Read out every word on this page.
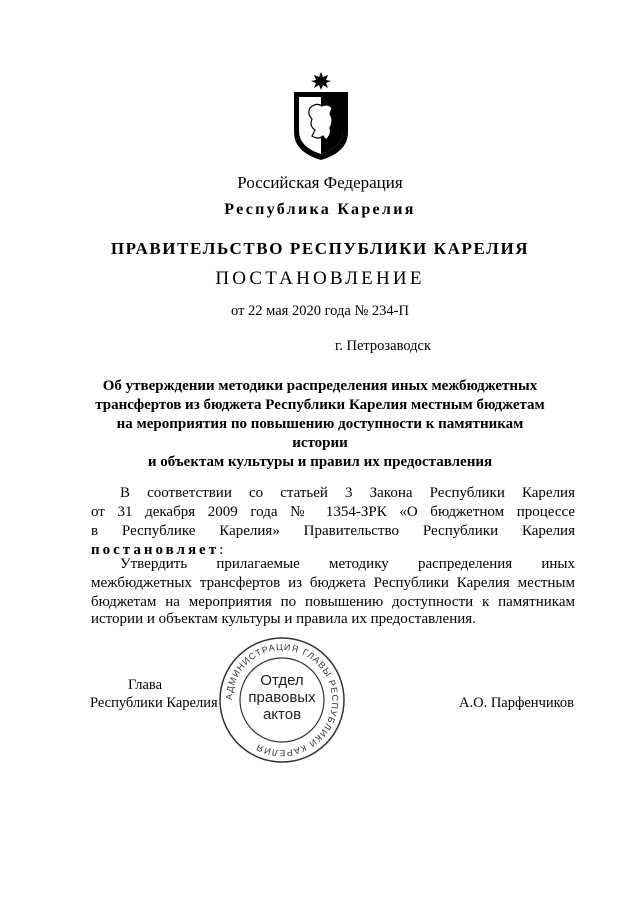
Российская Федерация
Республика Карелия
ПРАВИТЕЛЬСТВО РЕСПУБЛИКИ КАРЕЛИЯ
ПОСТАНОВЛЕНИЕ
от 22 мая 2020 года № 234-П
г. Петрозаводск
Об утверждении методики распределения иных межбюджетных
трансфертов из бюджета Республики Карелия местным бюджетам
на мероприятия по повышению доступности к памятникам истории
и объектам культуры и правил их предоставления
В соответствии со статьей 3 Закона Республики Карелия
от 31 декабря 2009 года № 1354-ЗРК «О бюджетном процессе
в Республике Карелия» Правительство Республики Карелия
постановляет:
Утвердить прилагаемые методику распределения иных
межбюджетных трансфертов из бюджета Республики Карелия местным
бюджетам на мероприятия по повышению доступности к памятникам
истории и объектам культуры и правила их предоставления.
АДМИНИСТРАЦИЯ ГЛАВЫ РЕСПУБЛИКИ КАРЕЛИЯ
Отдел
правовых
актов
Глава
Республики Карелия	А.О. Парфенчиков
